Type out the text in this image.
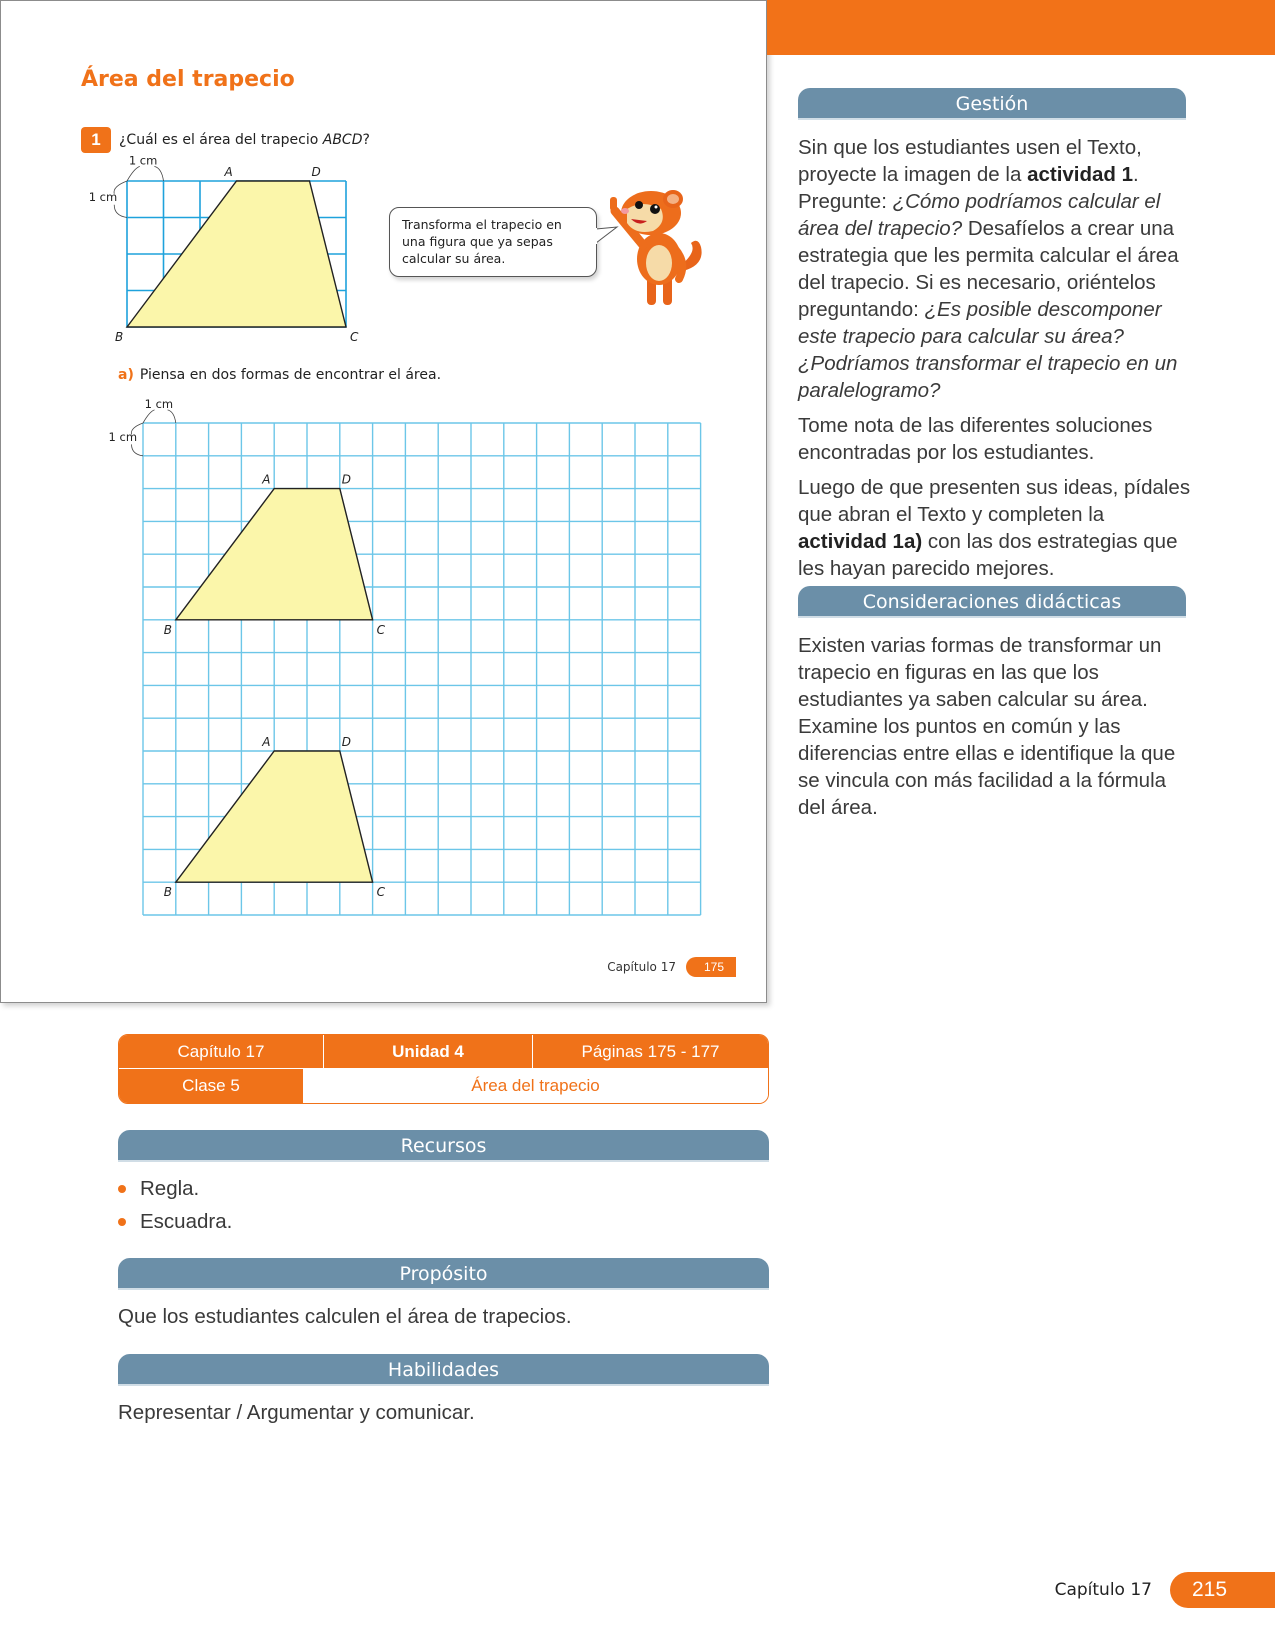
Área del trapecio
1	¿Cuál es el área del trapecio ABCD?
A	D
B	C
1 cm
1 cm
Transforma el trapecio en una figura que ya sepas calcular su área.
a) Piensa en dos formas de encontrar el área.
A	D
B	C
A	D
B	C
1 cm
1 cm
Capítulo 17	175
Gestión

Sin que los estudiantes usen el Texto, proyecte la imagen de la actividad 1. Pregunte: ¿Cómo podríamos calcular el área del trapecio? Desafíelos a crear una estrategia que les permita calcular el área del trapecio. Si es necesario, oriéntelos preguntando: ¿Es posible descomponer este trapecio para calcular su área? ¿Podríamos transformar el trapecio en un paralelogramo?

Tome nota de las diferentes soluciones encontradas por los estudiantes.

Luego de que presenten sus ideas, pídales que abran el Texto y completen la actividad 1a) con las dos estrategias que les hayan parecido mejores.

Consideraciones didácticas
Existen varias formas de transformar un trapecio en figuras en las que los estudiantes ya saben calcular su área. Examine los puntos en común y las diferencias entre ellas e identifique la que se vincula con más facilidad a la fórmula del área.
Capítulo 17	Unidad 4	Páginas 175 - 177
Clase 5	Área del trapecio
Recursos
Regla.
Escuadra.
Propósito
Que los estudiantes calculen el área de trapecios.
Habilidades
Representar / Argumentar y comunicar.
Capítulo 17	215
